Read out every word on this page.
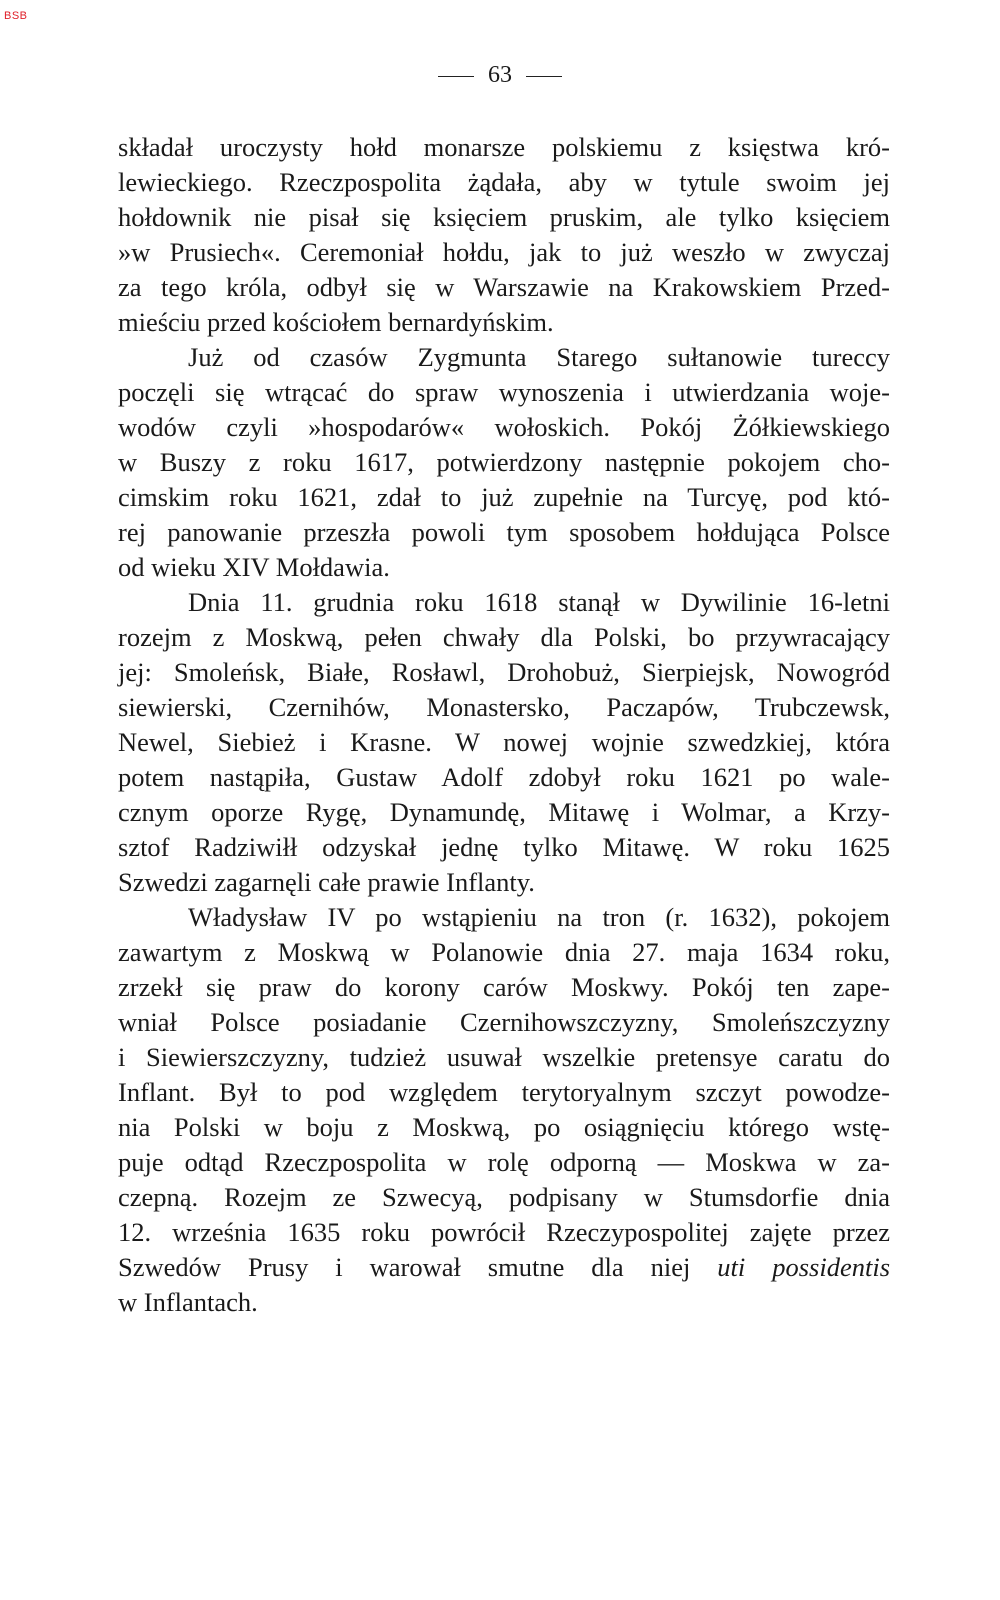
BSB
63
składał uroczysty hołd monarsze polskiemu z księstwa kró-
lewieckiego. Rzeczpospolita żądała, aby w tytule swoim jej
hołdownik nie pisał się księciem pruskim, ale tylko księciem
»w Prusiech«. Ceremoniał hołdu, jak to już weszło w zwyczaj
za tego króla, odbył się w Warszawie na Krakowskiem Przed-
mieściu przed kościołem bernardyńskim.
Już od czasów Zygmunta Starego sułtanowie tureccy
poczęli się wtrącać do spraw wynoszenia i utwierdzania woje-
wodów czyli »hospodarów« wołoskich. Pokój Żółkiewskiego
w Buszy z roku 1617, potwierdzony następnie pokojem cho-
cimskim roku 1621, zdał to już zupełnie na Turcyę, pod któ-
rej panowanie przeszła powoli tym sposobem hołdująca Polsce
od wieku XIV Mołdawia.
Dnia 11. grudnia roku 1618 stanął w Dywilinie 16-letni
rozejm z Moskwą, pełen chwały dla Polski, bo przywracający
jej: Smoleńsk, Białe, Rosławl, Drohobuż, Sierpiejsk, Nowogród
siewierski, Czernihów, Monastersko, Paczapów, Trubczewsk,
Newel, Siebież i Krasne. W nowej wojnie szwedzkiej, która
potem nastąpiła, Gustaw Adolf zdobył roku 1621 po wale-
cznym oporze Rygę, Dynamundę, Mitawę i Wolmar, a Krzy-
sztof Radziwiłł odzyskał jednę tylko Mitawę. W roku 1625
Szwedzi zagarnęli całe prawie Inflanty.
Władysław IV po wstąpieniu na tron (r. 1632), pokojem
zawartym z Moskwą w Polanowie dnia 27. maja 1634 roku,
zrzekł się praw do korony carów Moskwy. Pokój ten zape-
wniał Polsce posiadanie Czernihowszczyzny, Smoleńszczyzny
i Siewierszczyzny, tudzież usuwał wszelkie pretensye caratu do
Inflant. Był to pod względem terytoryalnym szczyt powodze-
nia Polski w boju z Moskwą, po osiągnięciu którego wstę-
puje odtąd Rzeczpospolita w rolę odporną — Moskwa w za-
czepną. Rozejm ze Szwecyą, podpisany w Stumsdorfie dnia
12. września 1635 roku powrócił Rzeczypospolitej zajęte przez
Szwedów Prusy i warował smutne dla niej uti possidentis
w Inflantach.
